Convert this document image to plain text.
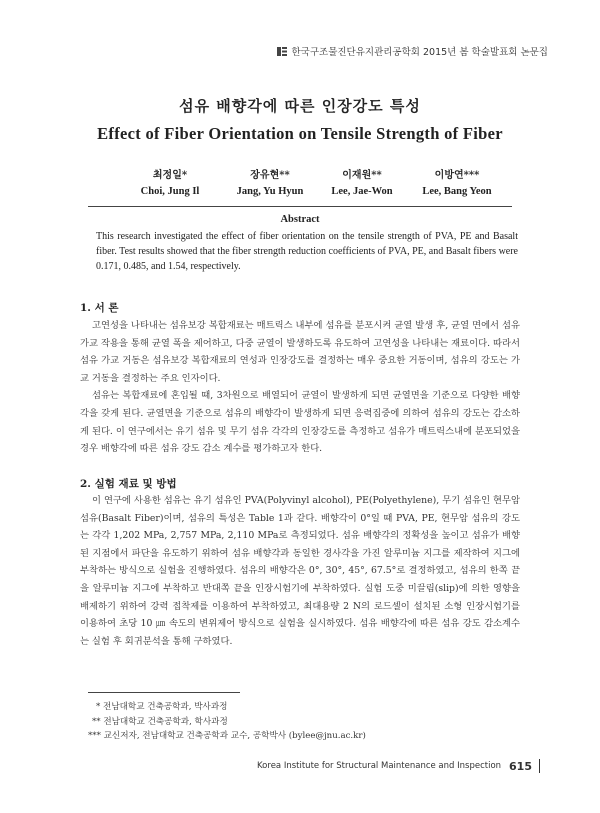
한국구조물진단유지관리공학회 2015년 봄 학술발표회 논문집
섬유 배향각에 따른 인장강도 특성
Effect of Fiber Orientation on Tensile Strength of Fiber
최정일*
Choi, Jung Il
장유현**
Jang, Yu Hyun
이재원**
Lee, Jae-Won
이방연***
Lee, Bang Yeon
Abstract
This research investigated the effect of fiber orientation on the tensile strength of PVA, PE and Basalt fiber. Test results showed that the fiber strength reduction coefficients of PVA, PE, and Basalt fibers were 0.171, 0.485, and 1.54, respectively.
1. 서 론

고연성을 나타내는 섬유보강 복합재료는 매트릭스 내부에 섬유를 분포시켜 균열 발생 후, 균열 면에서 섬유 가교 작용을 통해 균열 폭을 제어하고, 다중 균열이 발생하도록 유도하여 고연성을 나타내는 재료이다. 따라서 섬유 가교 거동은 섬유보강 복합재료의 연성과 인장강도를 결정하는 매우 중요한 거동이며, 섬유의 강도는 가교 거동을 결정하는 주요 인자이다.

섬유는 복합재료에 혼입될 때, 3차원으로 배열되어 균열이 발생하게 되면 균열면을 기준으로 다양한 배향각을 갖게 된다. 균열면을 기준으로 섬유의 배향각이 발생하게 되면 응력집중에 의하여 섬유의 강도는 감소하게 된다. 이 연구에서는 유기 섬유 및 무기 섬유 각각의 인장강도를 측정하고 섬유가 매트릭스내에 분포되었을 경우 배향각에 따른 섬유 강도 감소 계수를 평가하고자 한다.

2. 실험 재료 및 방법

이 연구에 사용한 섬유는 유기 섬유인 PVA(Polyvinyl alcohol), PE(Polyethylene), 무기 섬유인 현무암 섬유(Basalt Fiber)이며, 섬유의 특성은 Table 1과 같다. 배향각이 0°일 때 PVA, PE, 현무암 섬유의 강도는 각각 1,202 MPa, 2,757 MPa, 2,110 MPa로 측정되었다. 섬유 배향각의 정확성을 높이고 섬유가 배향된 지점에서 파단을 유도하기 위하여 섬유 배향각과 동일한 경사각을 가진 알루미늄 지그를 제작하여 지그에 부착하는 방식으로 실험을 진행하였다. 섬유의 배향각은 0°, 30°, 45°, 67.5°로 결정하였고, 섬유의 한쪽 끝을 알루미늄 지그에 부착하고 반대쪽 끝을 인장시험기에 부착하였다. 실험 도중 미끌림(slip)에 의한 영향을 배제하기 위하여 강력 접착제를 이용하여 부착하였고, 최대용량 2 N의 로드셀이 설치된 소형 인장시험기를 이용하여 초당 10 ㎛ 속도의 변위제어 방식으로 실험을 실시하였다. 섬유 배향각에 따른 섬유 강도 감소계수는 실험 후 회귀분석을 통해 구하였다.

* 전남대학교 건축공학과, 박사과정
** 전남대학교 건축공학과, 학사과정
*** 교신저자, 전남대학교 건축공학과 교수, 공학박사 (bylee@jnu.ac.kr)
Korea Institute for Structural Maintenance and Inspection 615
